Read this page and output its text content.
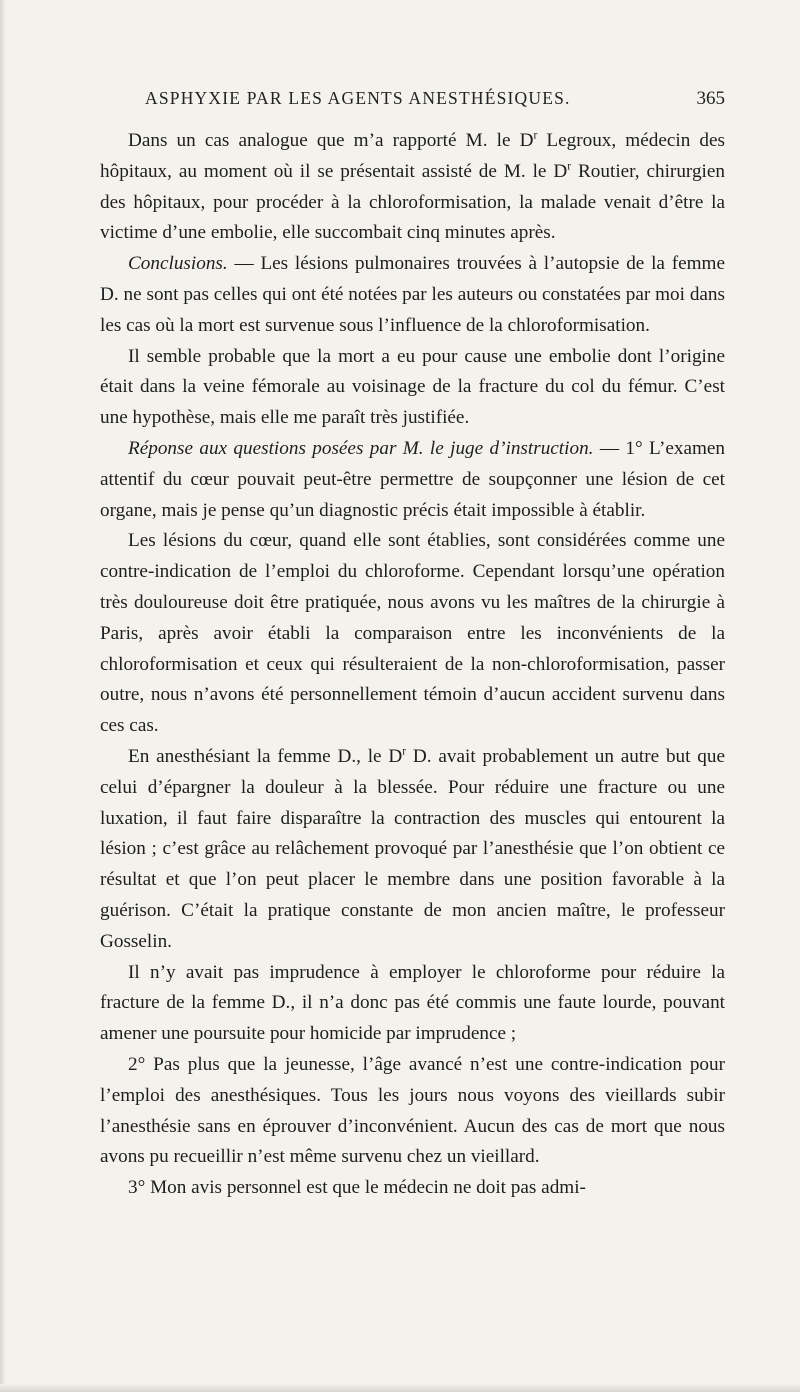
ASPHYXIE PAR LES AGENTS ANESTHÉSIQUES.	365

Dans un cas analogue que m’a rapporté M. le $D^r$ Legroux, médecin des hôpitaux, au moment où il se présentait assisté de M. le $D^r$ Routier, chirurgien des hôpitaux, pour procéder à la chloroformisation, la malade venait d’être la victime d’une embolie, elle succombait cinq minutes après.

Conclusions. — Les lésions pulmonaires trouvées à l’autopsie de la femme D. ne sont pas celles qui ont été notées par les auteurs ou constatées par moi dans les cas où la mort est survenue sous l’influence de la chloroformisation.

Il semble probable que la mort a eu pour cause une embolie dont l’origine était dans la veine fémorale au voisinage de la fracture du col du fémur. C’est une hypothèse, mais elle me paraît très justifiée.

Réponse aux questions posées par M. le juge d’instruction. — 1° L’examen attentif du cœur pouvait peut-être permettre de soupçonner une lésion de cet organe, mais je pense qu’un diagnostic précis était impossible à établir.

Les lésions du cœur, quand elle sont établies, sont considérées comme une contre-indication de l’emploi du chloroforme. Cependant lorsqu’une opération très douloureuse doit être pratiquée, nous avons vu les maîtres de la chirurgie à Paris, après avoir établi la comparaison entre les inconvénients de la chloroformisation et ceux qui résulteraient de la non-chloroformisation, passer outre, nous n’avons été personnellement témoin d’aucun accident survenu dans ces cas.

En anesthésiant la femme D., le $D^r$ D. avait probablement un autre but que celui d’épargner la douleur à la blessée. Pour réduire une fracture ou une luxation, il faut faire disparaître la contraction des muscles qui entourent la lésion ; c’est grâce au relâchement provoqué par l’anesthésie que l’on obtient ce résultat et que l’on peut placer le membre dans une position favorable à la guérison. C’était la pratique constante de mon ancien maître, le professeur Gosselin.

Il n’y avait pas imprudence à employer le chloroforme pour réduire la fracture de la femme D., il n’a donc pas été commis une faute lourde, pouvant amener une poursuite pour homicide par imprudence ;

2° Pas plus que la jeunesse, l’âge avancé n’est une contre-indication pour l’emploi des anesthésiques. Tous les jours nous voyons des vieillards subir l’anesthésie sans en éprouver d’inconvénient. Aucun des cas de mort que nous avons pu recueillir n’est même survenu chez un vieillard.

3° Mon avis personnel est que le médecin ne doit pas admi-
